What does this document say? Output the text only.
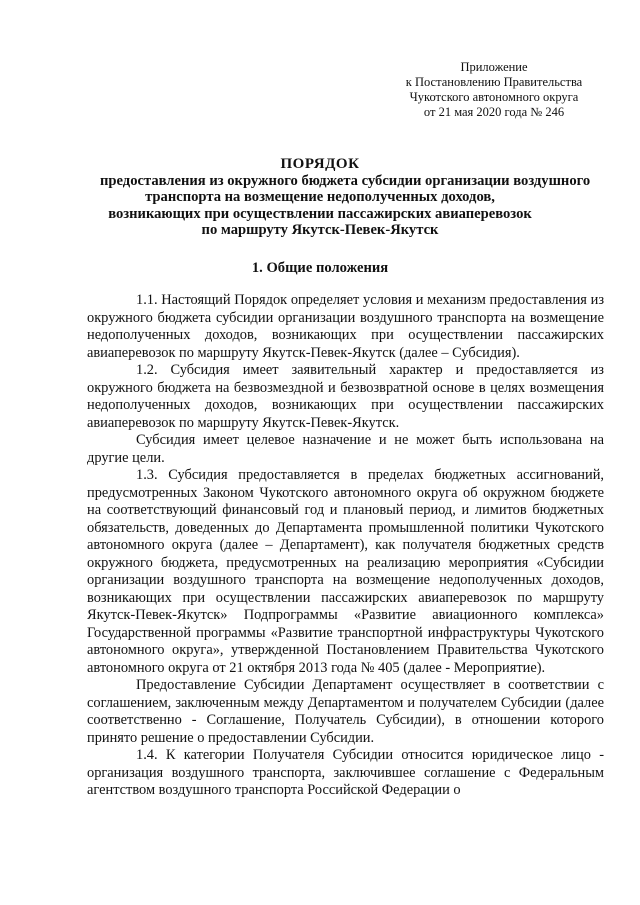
Приложение
к Постановлению Правительства
Чукотского автономного округа
от 21 мая 2020 года № 246
ПОРЯДОК
предоставления из окружного бюджета субсидии организации воздушного
транспорта на возмещение недополученных доходов,
возникающих при осуществлении пассажирских авиаперевозок
по маршруту Якутск-Певек-Якутск
1. Общие положения

1.1. Настоящий Порядок определяет условия и механизм предоставления из окружного бюджета субсидии организации воздушного транспорта на возмещение недополученных доходов, возникающих при осуществлении пассажирских авиаперевозок по маршруту Якутск-Певек-Якутск (далее – Субсидия).

1.2. Субсидия имеет заявительный характер и предоставляется из окружного бюджета на безвозмездной и безвозвратной основе в целях возмещения недополученных доходов, возникающих при осуществлении пассажирских авиаперевозок по маршруту Якутск-Певек-Якутск.

Субсидия имеет целевое назначение и не может быть использована на другие цели.

1.3. Субсидия предоставляется в пределах бюджетных ассигнований, предусмотренных Законом Чукотского автономного округа об окружном бюджете на соответствующий финансовый год и плановый период, и лимитов бюджетных обязательств, доведенных до Департамента промышленной политики Чукотского автономного округа (далее – Департамент), как получателя бюджетных средств окружного бюджета, предусмотренных на реализацию мероприятия «Субсидии организации воздушного транспорта на возмещение недополученных доходов, возникающих при осуществлении пассажирских авиаперевозок по маршруту Якутск-Певек-Якутск» Подпрограммы «Развитие авиационного комплекса» Государственной программы «Развитие транспортной инфраструктуры Чукотского автономного округа», утвержденной Постановлением Правительства Чукотского автономного округа от 21 октября 2013 года № 405 (далее - Мероприятие).

Предоставление Субсидии Департамент осуществляет в соответствии с соглашением, заключенным между Департаментом и получателем Субсидии (далее соответственно - Соглашение, Получатель Субсидии), в отношении которого принято решение о предоставлении Субсидии.

1.4. К категории Получателя Субсидии относится юридическое лицо - организация воздушного транспорта, заключившее соглашение с Федеральным агентством воздушного транспорта Российской Федерации о
